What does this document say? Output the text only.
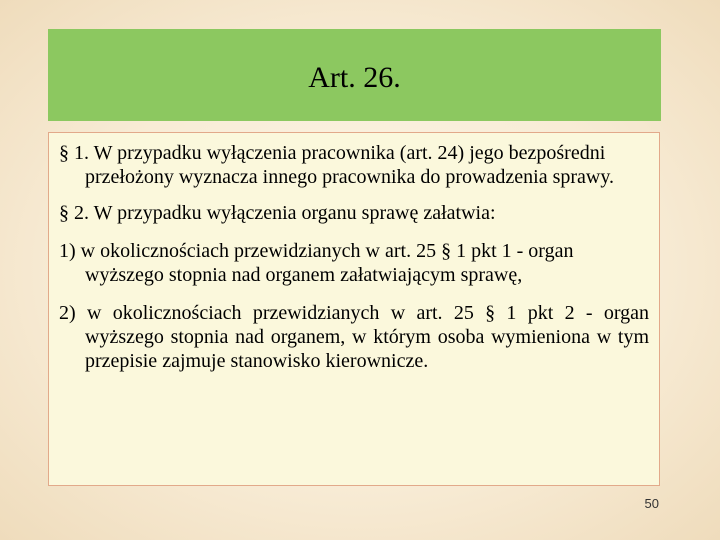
Art. 26.

§ 1. W przypadku wyłączenia pracownika (art. 24) jego bezpośredni przełożony wyznacza innego pracownika do prowadzenia sprawy.

§ 2. W przypadku wyłączenia organu sprawę załatwia:

1) w okolicznościach przewidzianych w art. 25 § 1 pkt 1 - organ wyższego stopnia nad organem załatwiającym sprawę,

2) w okolicznościach przewidzianych w art. 25 § 1 pkt 2 - organ wyższego stopnia nad organem, w którym osoba wymieniona w tym przepisie zajmuje stanowisko kierownicze.

50
